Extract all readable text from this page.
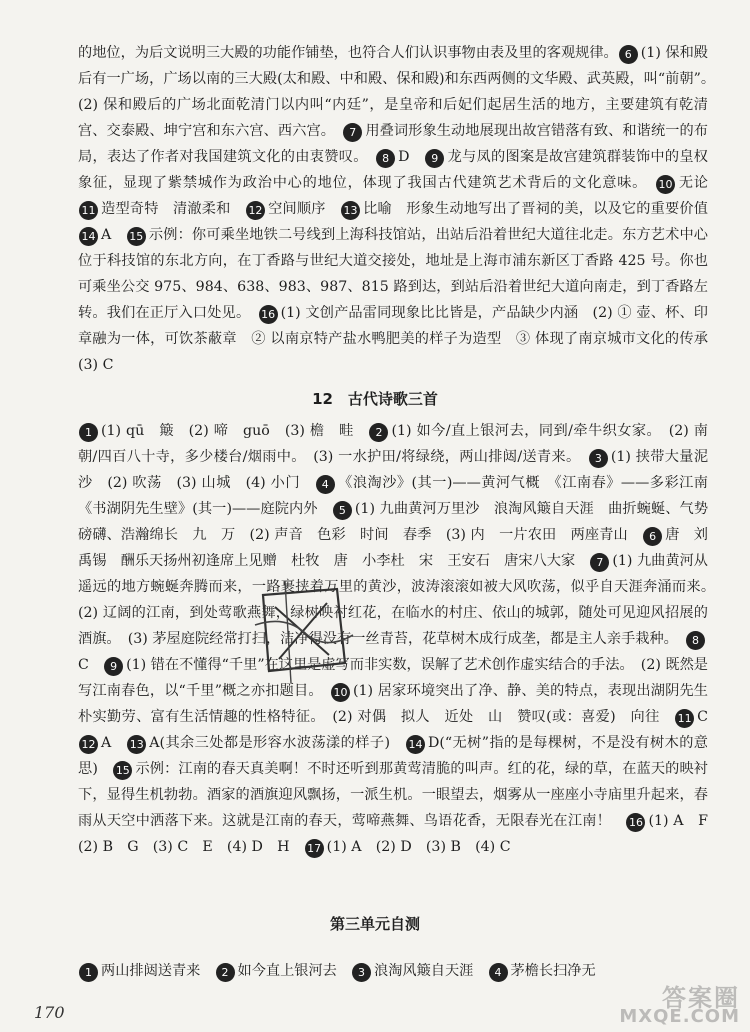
的地位，为后文说明三大殿的功能作铺垫，也符合人们认识事物由表及里的客观规律。 6 (1) 保和殿后有一广场，广场以南的三大殿(太和殿、中和殿、保和殿)和东西两侧的文华殿、武英殿，叫“前朝”。　(2) 保和殿后的广场北面乾清门以内叫“内廷”，是皇帝和后妃们起居生活的地方，主要建筑有乾清宫、交泰殿、坤宁宫和东六宫、西六宫。　7 用叠词形象生动地展现出故宫错落有致、和谐统一的布局，表达了作者对我国建筑文化的由衷赞叹。　8 D　9 龙与凤的图案是故宫建筑群装饰中的皇权象征，显现了紫禁城作为政治中心的地位，体现了我国古代建筑艺术背后的文化意味。　10 无论　11 造型奇特　清澈柔和　12 空间顺序　13 比喻　形象生动地写出了晋祠的美，以及它的重要价值　14 A　15 示例：你可乘坐地铁二号线到上海科技馆站，出站后沿着世纪大道往北走。东方艺术中心位于科技馆的东北方向，在丁香路与世纪大道交接处，地址是上海市浦东新区丁香路 425 号。你也可乘坐公交 975、984、638、983、987、815 路到达，到站后沿着世纪大道向南走，到丁香路左转。我们在正厅入口处见。　16 (1) 文创产品雷同现象比比皆是，产品缺少内涵　(2) ① 壶、杯、印章融为一体，可饮茶蔽章　② 以南京特产盐水鸭肥美的样子为造型　③ 体现了南京城市文化的传承　(3) C
12　古代诗歌三首
1 (1) qū　簸　(2) 啼　guō　(3) 檐　畦　2 (1) 如今/直上银河去，同到/牵牛织女家。　(2) 南朝/四百八十寺，多少楼台/烟雨中。　(3) 一水护田/将绿绕，两山排闼/送青来。　3 (1) 挟带大量泥沙　(2) 吹荡　(3) 山城　(4) 小门　4 《浪淘沙》(其一)——黄河气概　《江南春》——多彩江南　《书湖阴先生壁》(其一)——庭院内外　5 (1) 九曲黄河万里沙　浪淘风簸自天涯　曲折蜿蜒、气势磅礴、浩瀚绵长　九　万　(2) 声音　色彩　时间　春季　(3) 内　一片农田　两座青山　6 唐　刘禹锡　酬乐天扬州初逢席上见赠　杜牧　唐　小李杜　宋　王安石　唐宋八大家　7 (1) 九曲黄河从遥远的地方蜿蜒奔腾而来，一路裹挟着万里的黄沙，波涛滚滚如被大风吹荡，似乎自天涯奔涌而来。　(2) 辽阔的江南，到处莺歌燕舞，绿树映衬红花，在临水的村庄、依山的城郭，随处可见迎风招展的酒旗。　(3) 茅屋庭院经常打扫，洁净得没有一丝青苔，花草树木成行成垄，都是主人亲手栽种。　8C　9 (1) 错在不懂得“千里”在这里是虚写而非实数，误解了艺术创作虚实结合的手法。　(2) 既然是写江南春色，以“千里”概之亦扣题目。　10 (1) 居家环境突出了净、静、美的特点，表现出湖阴先生朴实勤劳、富有生活情趣的性格特征。　(2) 对偶　拟人　近处　山　赞叹(或：喜爱)　向往　11 C　12 A　13 A(其余三处都是形容水波荡漾的样子)　14 D(“无树”指的是每棵树，不是没有树木的意思)　15 示例：江南的春天真美啊！不时还听到那黄莺清脆的叫声。红的花，绿的草，在蓝天的映衬下，显得生机勃勃。酒家的酒旗迎风飘扬，一派生机。一眼望去，烟雾从一座座小寺庙里升起来，春雨从天空中洒落下来。这就是江南的春天，莺啼燕舞、鸟语花香，无限春光在江南！　16 (1) A　F　(2) B　G　(3) C　E　(4) D　H　17 (1) A　(2) D　(3) B　(4) C
第三单元自测
1 两山排闼送青来　2 如今直上银河去　3 浪淘风簸自天涯　4 茅檐长扫净无
170
答案圈
MXQE.COM
